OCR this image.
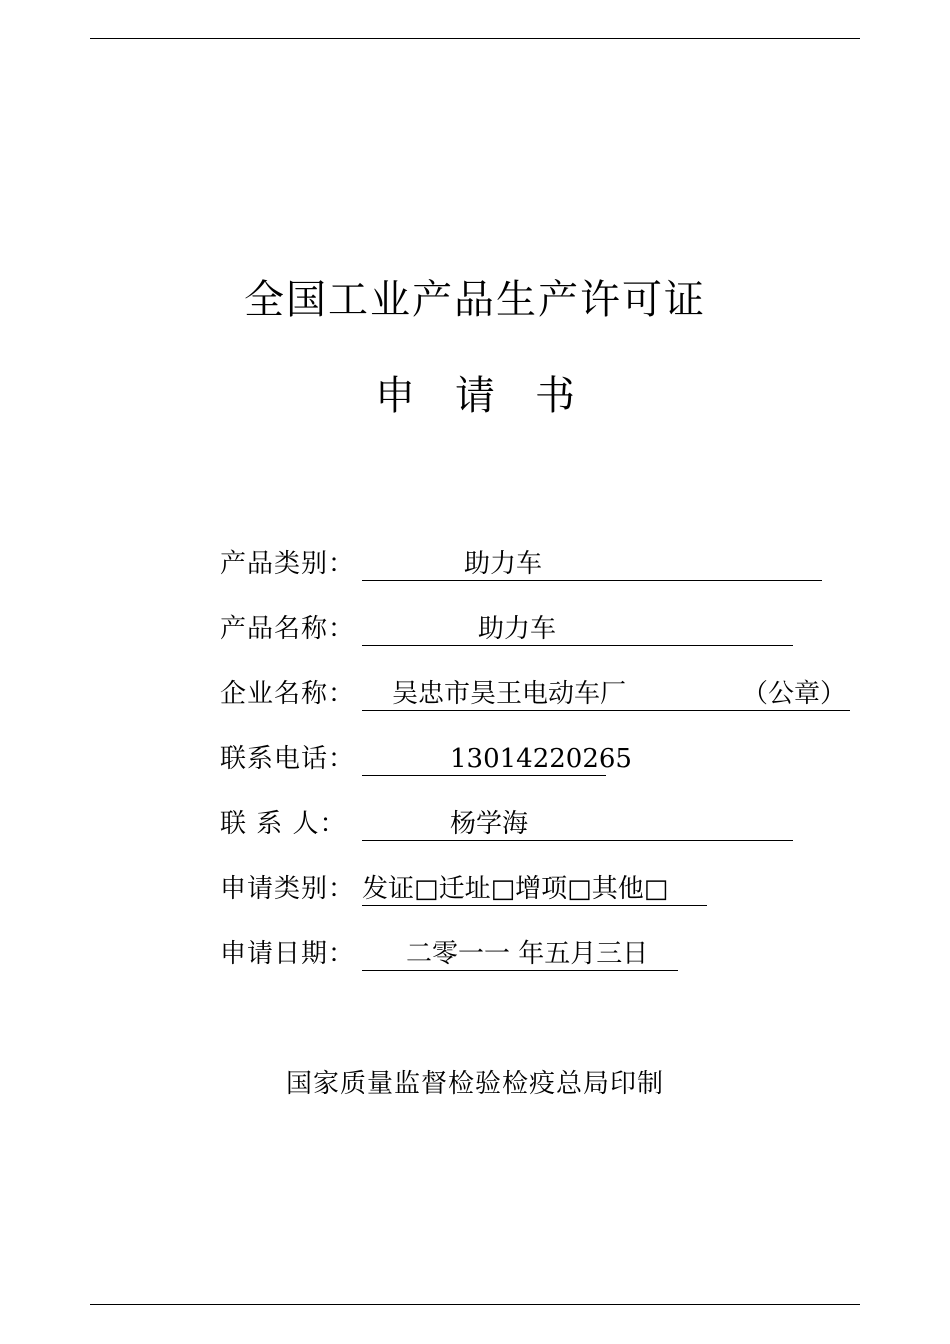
全国工业产品生产许可证
申请书
产品类别：	助力车
产品名称：	助力车
企业名称： 吴忠市昊王电动车厂	（公章）
联系电话：	13014220265
联 系 人：	杨学海
申请类别： 发证□迁址□增项□其他□
申请日期： 二零一一 年五月三日
国家质量监督检验检疫总局印制
